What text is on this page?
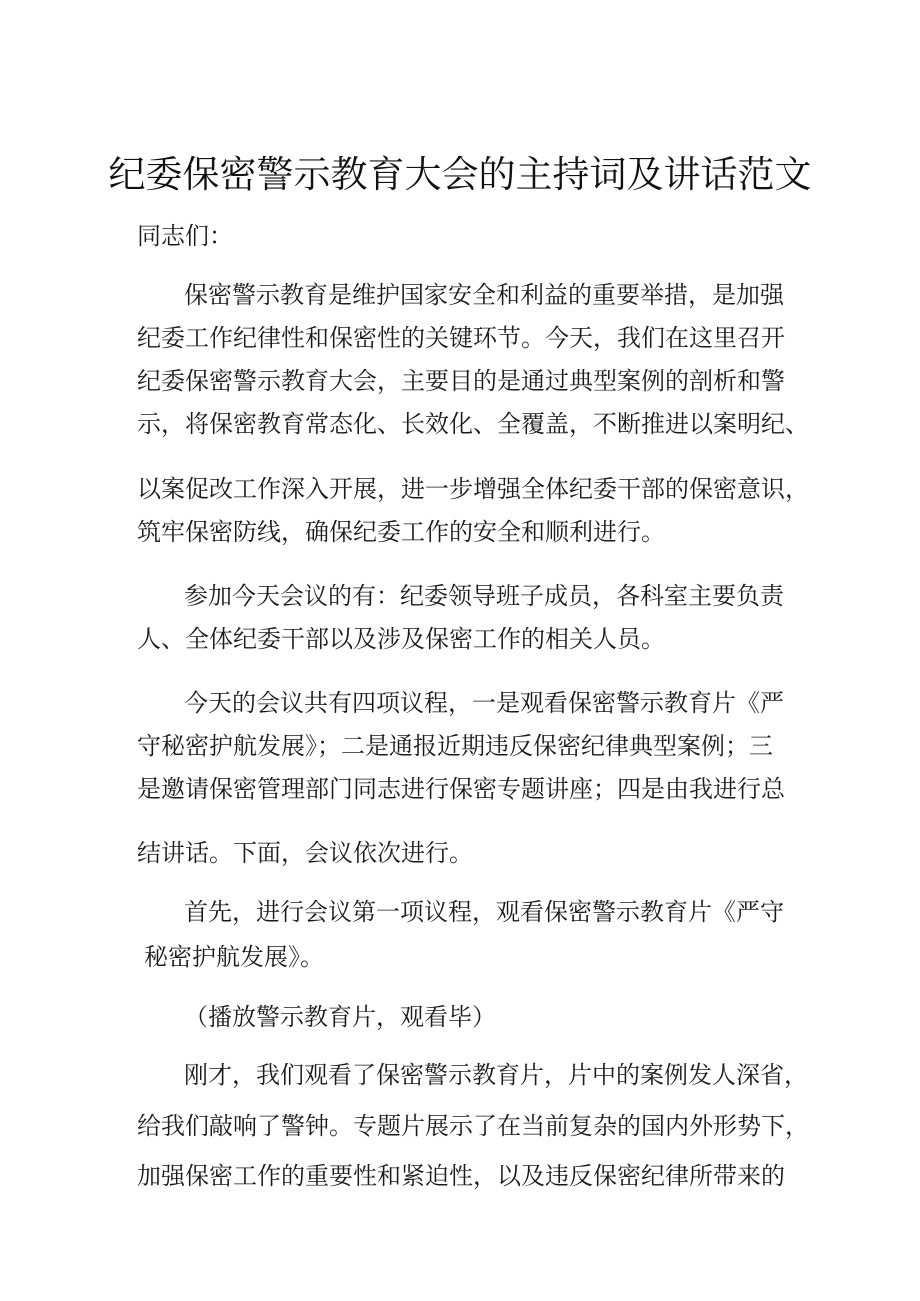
纪委保密警示教育大会的主持词及讲话范文
同志们：
保密警示教育是维护国家安全和利益的重要举措，是加强
纪委工作纪律性和保密性的关键环节。今天，我们在这里召开
纪委保密警示教育大会，主要目的是通过典型案例的剖析和警
示，将保密教育常态化、长效化、全覆盖，不断推进以案明纪、
以案促改工作深入开展，进一步增强全体纪委干部的保密意识，
筑牢保密防线，确保纪委工作的安全和顺利进行。
参加今天会议的有：纪委领导班子成员，各科室主要负责
人、全体纪委干部以及涉及保密工作的相关人员。
今天的会议共有四项议程，一是观看保密警示教育片《严
守秘密护航发展》；二是通报近期违反保密纪律典型案例；三
是邀请保密管理部门同志进行保密专题讲座；四是由我进行总
结讲话。下面，会议依次进行。
首先，进行会议第一项议程，观看保密警示教育片《严守
秘密护航发展》。
（播放警示教育片，观看毕）
刚才，我们观看了保密警示教育片，片中的案例发人深省，
给我们敲响了警钟。专题片展示了在当前复杂的国内外形势下，
加强保密工作的重要性和紧迫性，以及违反保密纪律所带来的
